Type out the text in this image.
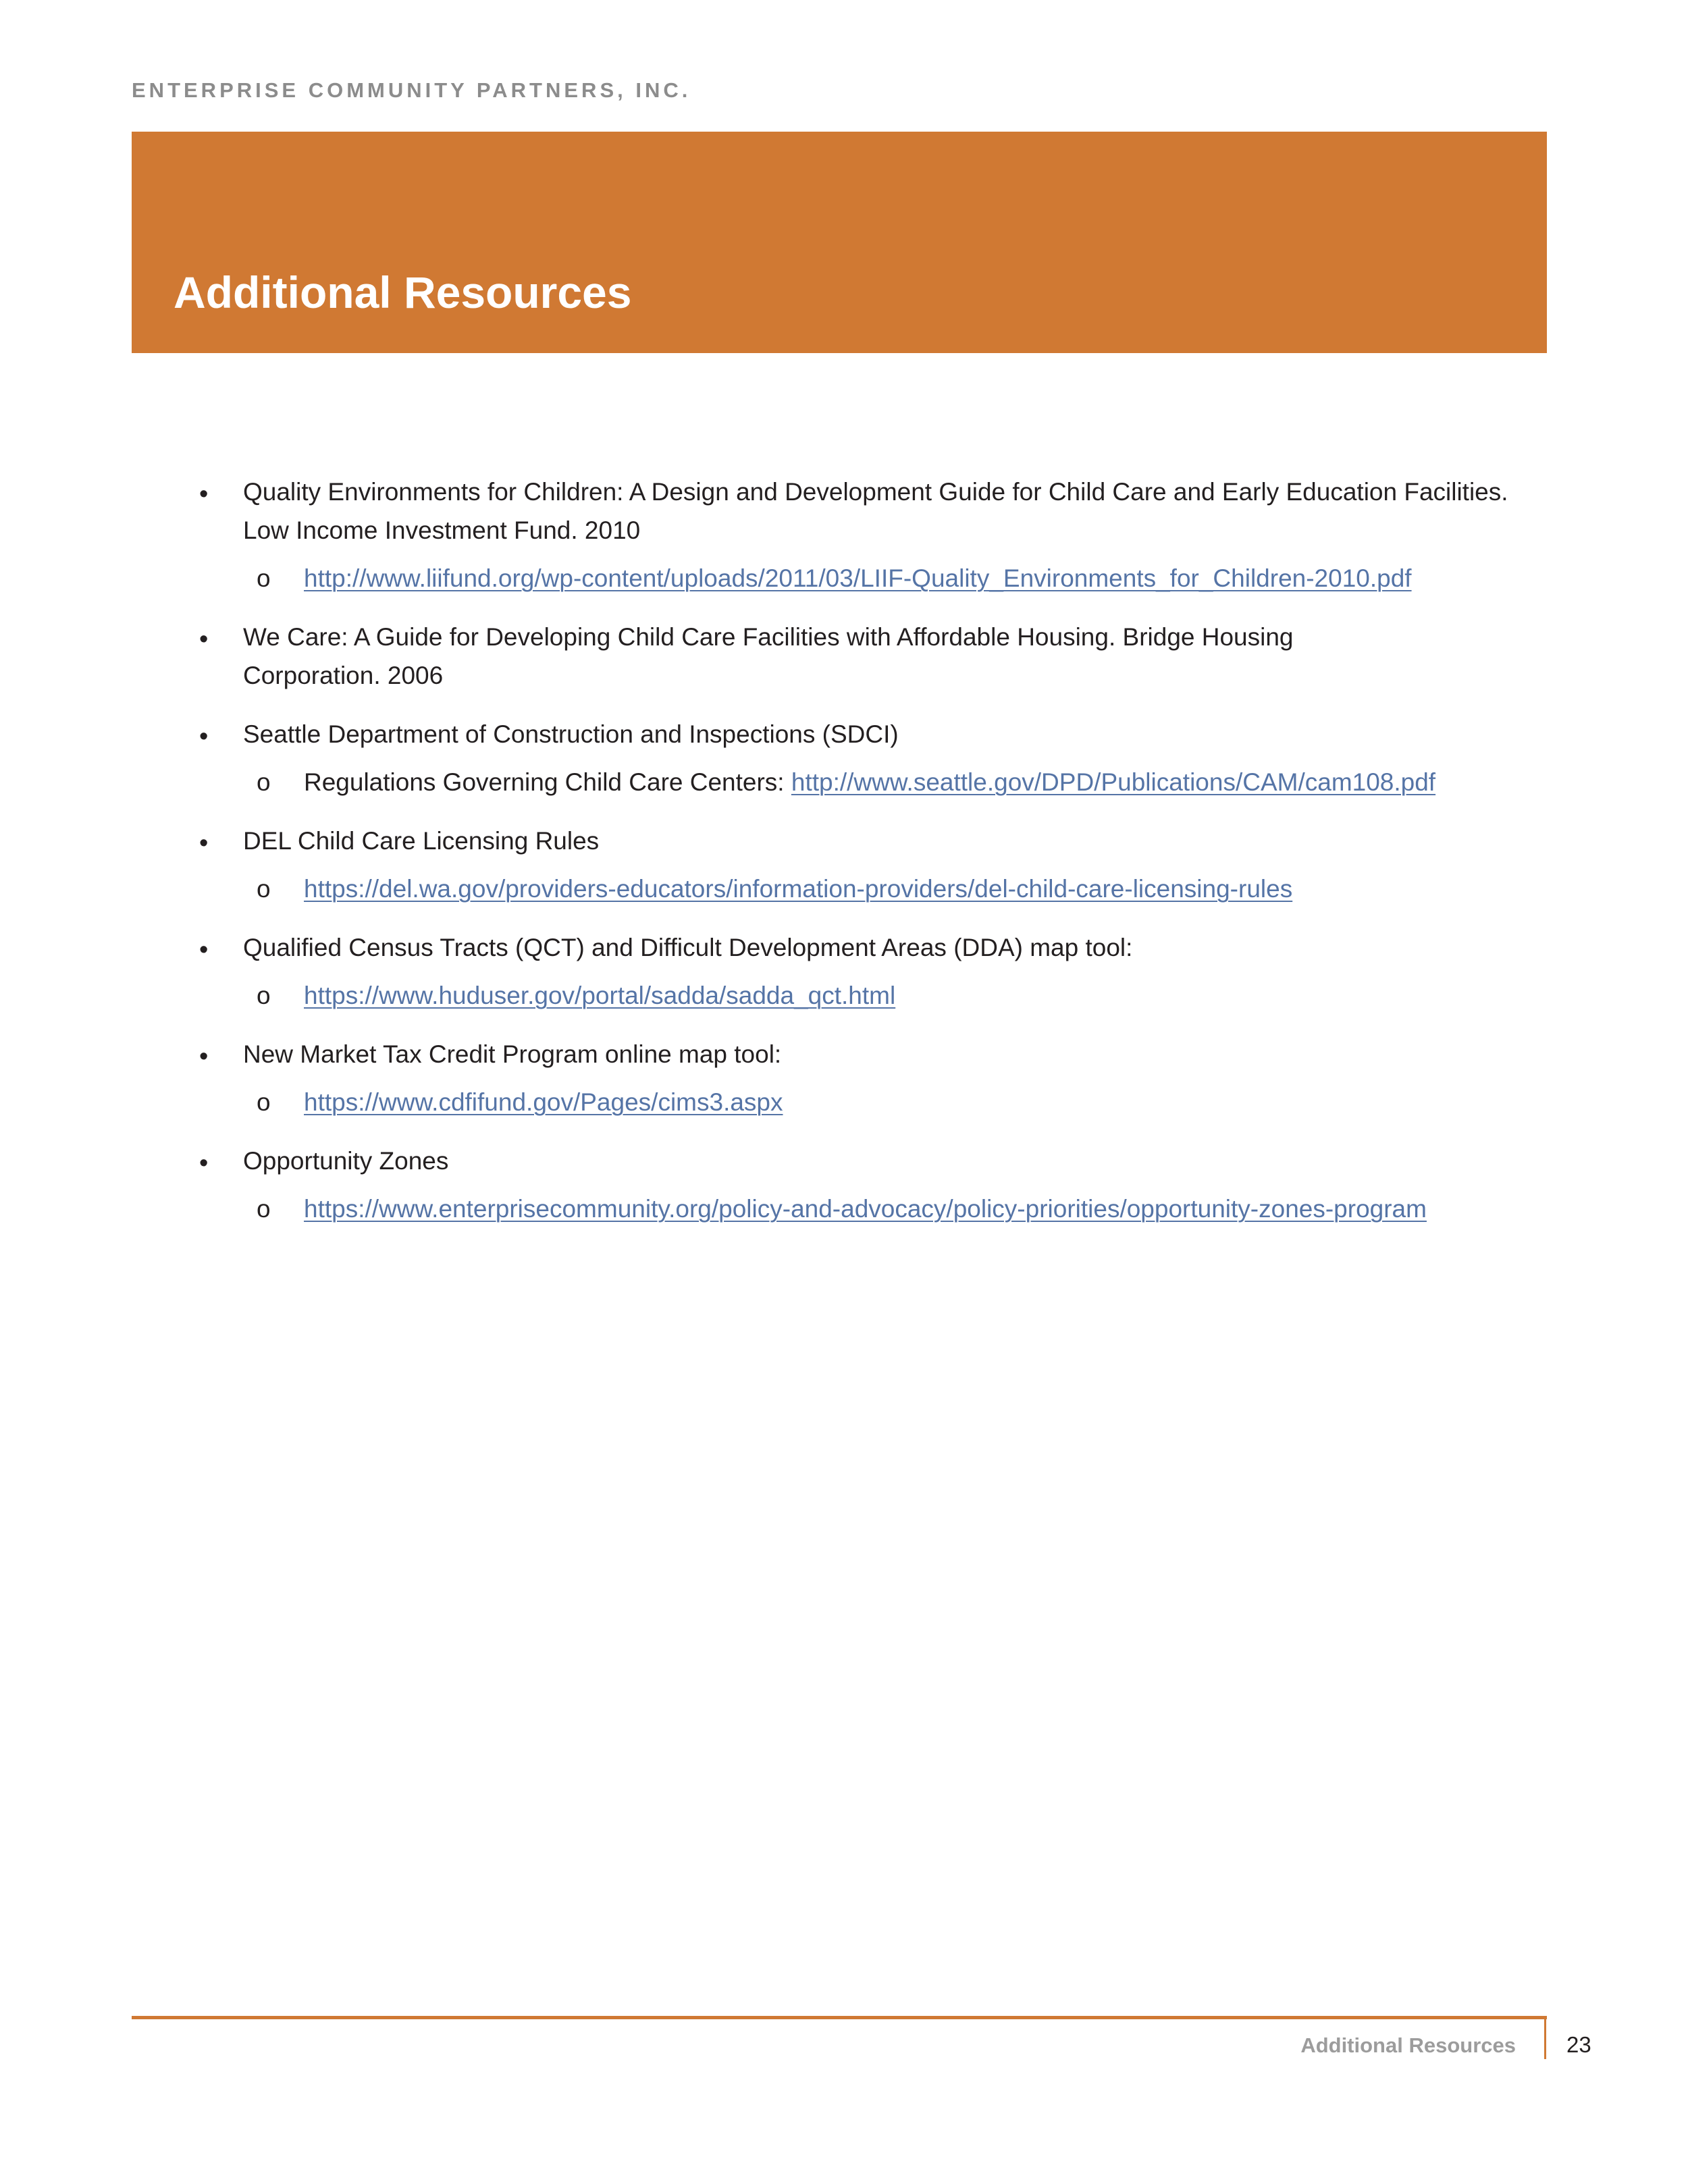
ENTERPRISE COMMUNITY PARTNERS, INC.
Additional Resources
• Quality Environments for Children: A Design and Development Guide for Child Care and Early Education Facilities. Low Income Investment Fund. 2010
o http://www.liifund.org/wp-content/uploads/2011/03/LIIF-Quality_Environments_for_Children-2010.pdf
• We Care: A Guide for Developing Child Care Facilities with Affordable Housing. Bridge Housing Corporation. 2006
• Seattle Department of Construction and Inspections (SDCI)
o Regulations Governing Child Care Centers: http://www.seattle.gov/DPD/Publications/CAM/cam108.pdf
• DEL Child Care Licensing Rules
o https://del.wa.gov/providers-educators/information-providers/del-child-care-licensing-rules
• Qualified Census Tracts (QCT) and Difficult Development Areas (DDA) map tool:
o https://www.huduser.gov/portal/sadda/sadda_qct.html
• New Market Tax Credit Program online map tool:
o https://www.cdfifund.gov/Pages/cims3.aspx
• Opportunity Zones
o https://www.enterprisecommunity.org/policy-and-advocacy/policy-priorities/opportunity-zones-program
Additional Resources 23
